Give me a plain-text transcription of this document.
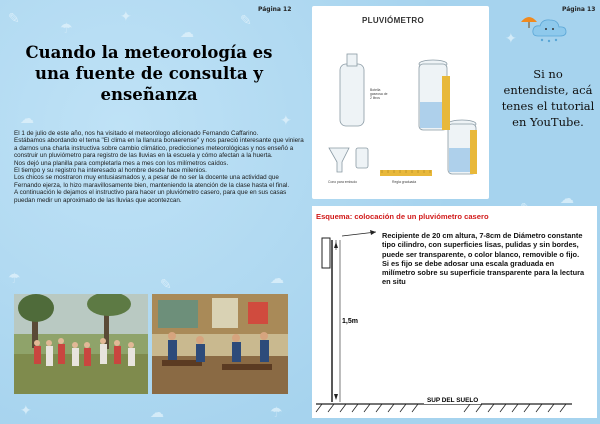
✎
☂
✦
☁
✎
☁	✦
☂	✎	☁
✦	☁	☂
☁
✦
Página 12	Página 13
Cuando la meteorología es una fuente de consulta y enseñanza

El 1 de julio de este año, nos ha visitado el meteorólogo aficionado Fernando Caffarino.

Estábamos abordando el tema "El clima en la llanura bonaerense" y nos pareció interesante que viniera a darnos una charla instructiva sobre cambio climático, predicciones meteorológicas y nos enseñó a construir un pluviómetro para registro de las lluvias en la escuela y cómo afectan a la huerta.

Nos dejó una planilla para completarla mes a mes con los milímetros caídos.

El tiempo y su registro ha interesado al hombre desde hace milenios.

Los chicos se mostraron muy entusiasmados y, a pesar de no ser la docente una actividad que Fernando ejerza, lo hizo maravillosamente bien, manteniendo la atención de la clase hasta el final.

A continuación le dejamos el instructivo para hacer un pluviómetro casero, para que en sus casas puedan medir un aproximado de las lluvias que acontezcan.

PLUVIÓMETRO
Botella
gaseosa de
2 litros
Cono para embudo	Regla graduada
Esquema: colocación de un pluviómetro casero

Recipiente de 20 cm altura, 7-8cm de Diámetro constante tipo cilindro, con superficies lisas, pulidas y sin bordes, puede ser transparente, o color blanco, removible o fijo. Si es fijo se debe adosar una escala graduada en milímetro sobre su superficie transparente para la lectura en situ

1,5m
SUP DEL SUELO

Si no entendiste, acá tenes el tutorial en YouTube.
